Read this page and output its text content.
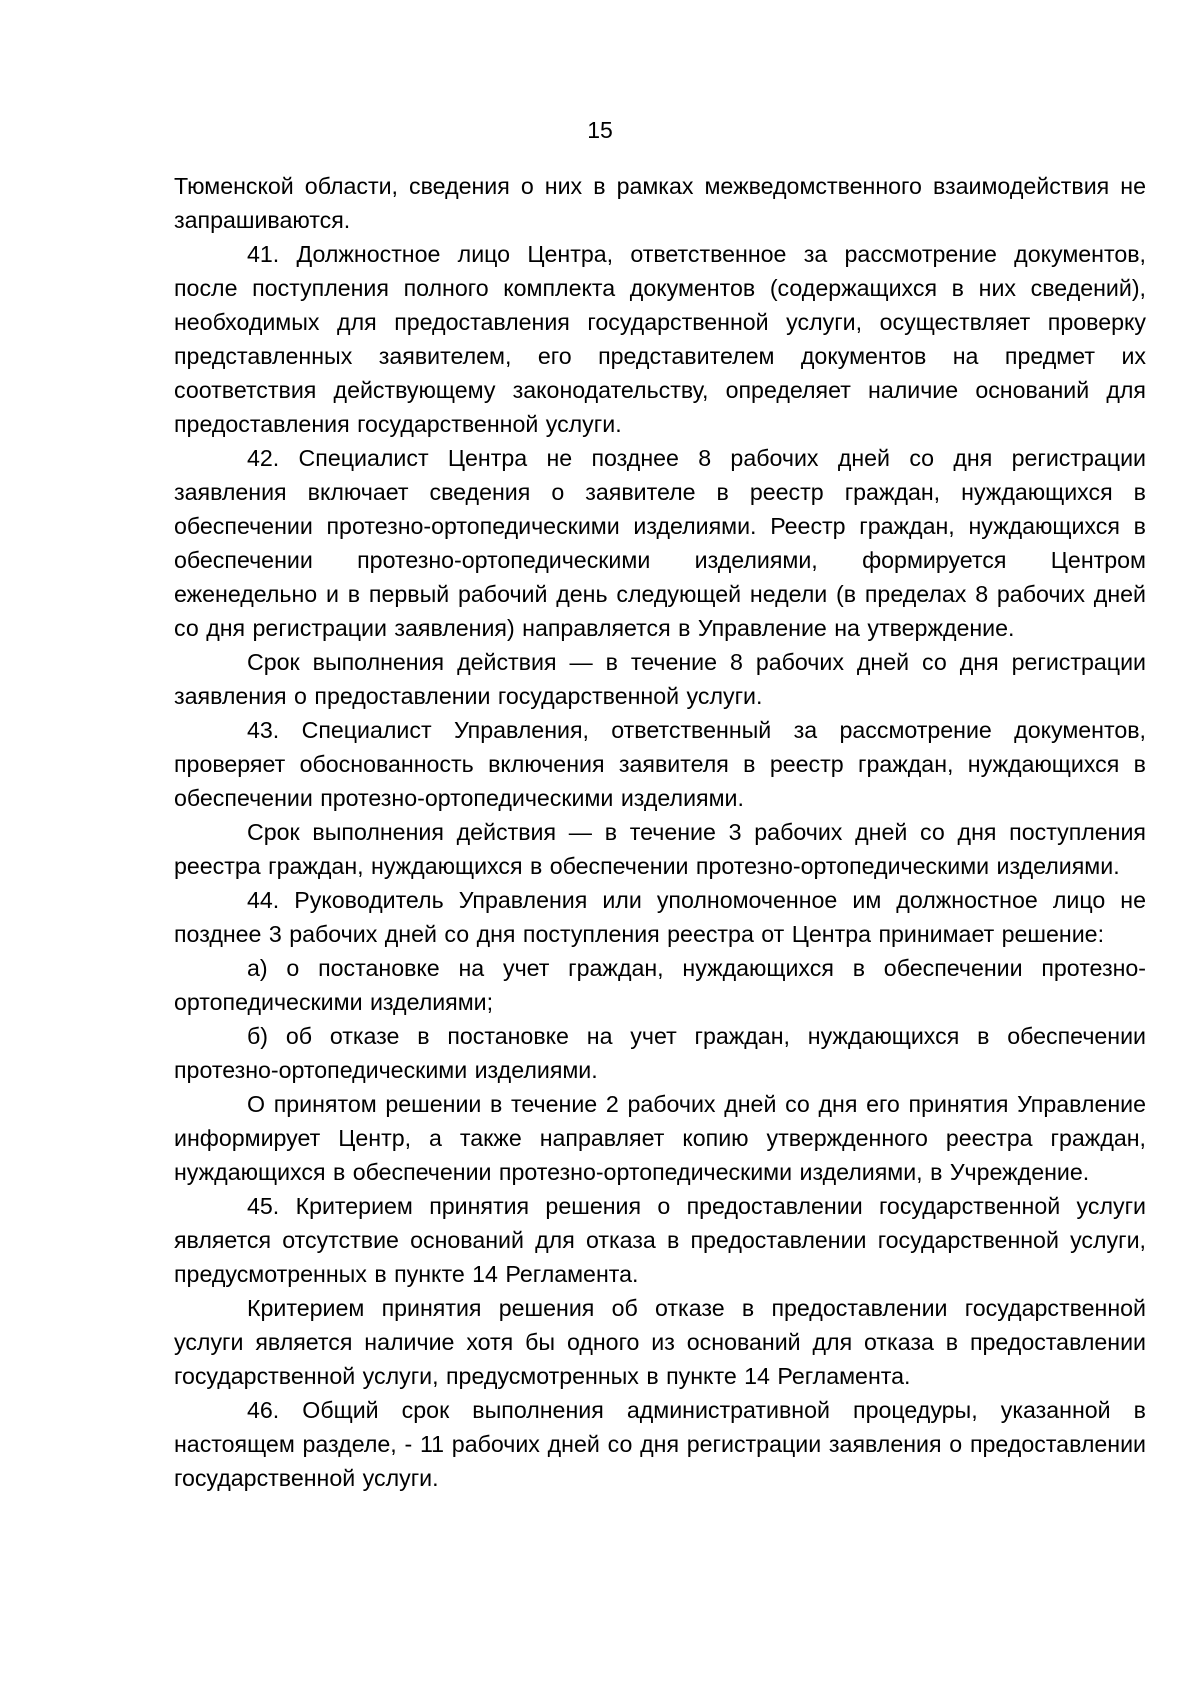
15

Тюменской области, сведения о них в рамках межведомственного взаимодействия не запрашиваются.

41. Должностное лицо Центра, ответственное за рассмотрение документов, после поступления полного комплекта документов (содержащихся в них сведений), необходимых для предоставления государственной услуги, осуществляет проверку представленных заявителем, его представителем документов на предмет их соответствия действующему законодательству, определяет наличие оснований для предоставления государственной услуги.

42. Специалист Центра не позднее 8 рабочих дней со дня регистрации заявления включает сведения о заявителе в реестр граждан, нуждающихся в обеспечении протезно-ортопедическими изделиями. Реестр граждан, нуждающихся в обеспечении протезно-ортопедическими изделиями, формируется Центром еженедельно и в первый рабочий день следующей недели (в пределах 8 рабочих дней со дня регистрации заявления) направляется в Управление на утверждение.

Срок выполнения действия — в течение 8 рабочих дней со дня регистрации заявления о предоставлении государственной услуги.

43. Специалист Управления, ответственный за рассмотрение документов, проверяет обоснованность включения заявителя в реестр граждан, нуждающихся в обеспечении протезно-ортопедическими изделиями.

Срок выполнения действия — в течение 3 рабочих дней со дня поступления реестра граждан, нуждающихся в обеспечении протезно-ортопедическими изделиями.

44. Руководитель Управления или уполномоченное им должностное лицо не позднее 3 рабочих дней со дня поступления реестра от Центра принимает решение:

а) о постановке на учет граждан, нуждающихся в обеспечении протезно-ортопедическими изделиями;

б) об отказе в постановке на учет граждан, нуждающихся в обеспечении протезно-ортопедическими изделиями.

О принятом решении в течение 2 рабочих дней со дня его принятия Управление информирует Центр, а также направляет копию утвержденного реестра граждан, нуждающихся в обеспечении протезно-ортопедическими изделиями, в Учреждение.

45. Критерием принятия решения о предоставлении государственной услуги является отсутствие оснований для отказа в предоставлении государственной услуги, предусмотренных в пункте 14 Регламента.

Критерием принятия решения об отказе в предоставлении государственной услуги является наличие хотя бы одного из оснований для отказа в предоставлении государственной услуги, предусмотренных в пункте 14 Регламента.

46. Общий срок выполнения административной процедуры, указанной в настоящем разделе, - 11 рабочих дней со дня регистрации заявления о предоставлении государственной услуги.
